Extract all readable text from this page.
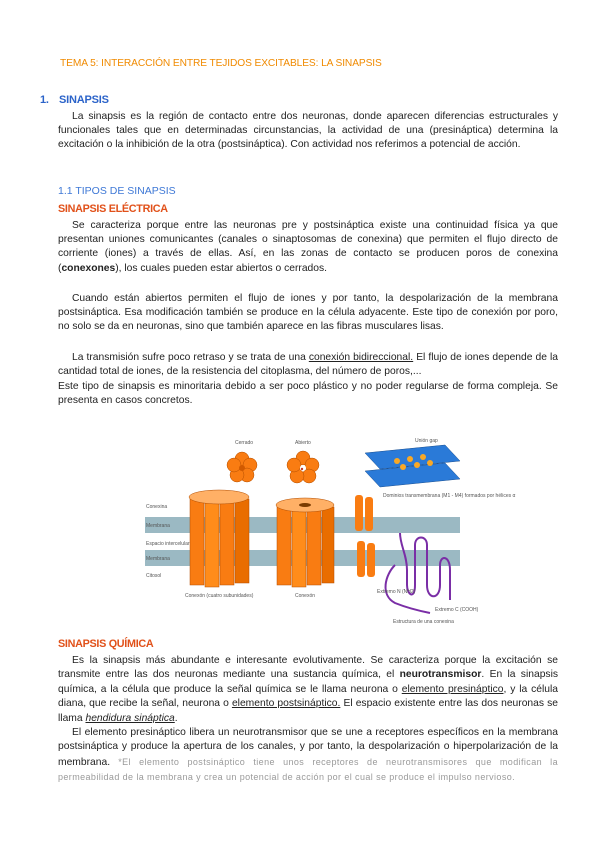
TEMA 5: INTERACCIÓN ENTRE TEJIDOS EXCITABLES: LA SINAPSIS
1. SINAPSIS
La sinapsis es la región de contacto entre dos neuronas, donde aparecen diferencias estructurales y funcionales tales que en determinadas circunstancias, la actividad de una (presináptica) determina la excitación o la inhibición de la otra (postsináptica). Con actividad nos referimos a potencial de acción.
1.1 TIPOS DE SINAPSIS
SINAPSIS ELÉCTRICA
Se caracteriza porque entre las neuronas pre y postsináptica existe una continuidad física ya que presentan uniones comunicantes (canales o sinaptosomas de conexina) que permiten el flujo directo de corriente (iones) a través de ellas. Así, en las zonas de contacto se producen poros de conexina (conexones), los cuales pueden estar abiertos o cerrados.
Cuando están abiertos permiten el flujo de iones y por tanto, la despolarización de la membrana postsináptica. Esa modificación también se produce en la célula adyacente. Este tipo de conexión por poro, no solo se da en neuronas, sino que también aparece en las fibras musculares lisas.
La transmisión sufre poco retraso y se trata de una conexión bidireccional. El flujo de iones depende de la cantidad total de iones, de la resistencia del citoplasma, del número de poros,...
Este tipo de sinapsis es minoritaria debido a ser poco plástico y no poder regularse de forma compleja. Se presenta en casos concretos.
Cerrado	Abierto	Unión gap
Conexina
Membrana
Espacio intercelular
Membrana
Citosol
Conexón (cuatro subunidades)	Conexón
Dominios transmembrana (M1 - M4) formados por hélices α
Extremo C (COOH)
Extremo N (NH2)
Estructura de una conexina
SINAPSIS QUÍMICA
Es la sinapsis más abundante e interesante evolutivamente. Se caracteriza porque la excitación se transmite entre las dos neuronas mediante una sustancia química, el neurotransmisor. En la sinapsis química, a la célula que produce la señal química se le llama neurona o elemento presináptico, y la célula diana, que recibe la señal, neurona o elemento postsináptico. El espacio existente entre las dos neuronas se llama hendidura sináptica.
El elemento presináptico libera un neurotransmisor que se une a receptores específicos en la membrana postsináptica y produce la apertura de los canales, y por tanto, la despolarización o hiperpolarización de la membrana. *El elemento postsináptico tiene unos receptores de neurotransmisores que modifican la permeabilidad de la membrana y crea un potencial de acción por el cual se produce el impulso nervioso.
